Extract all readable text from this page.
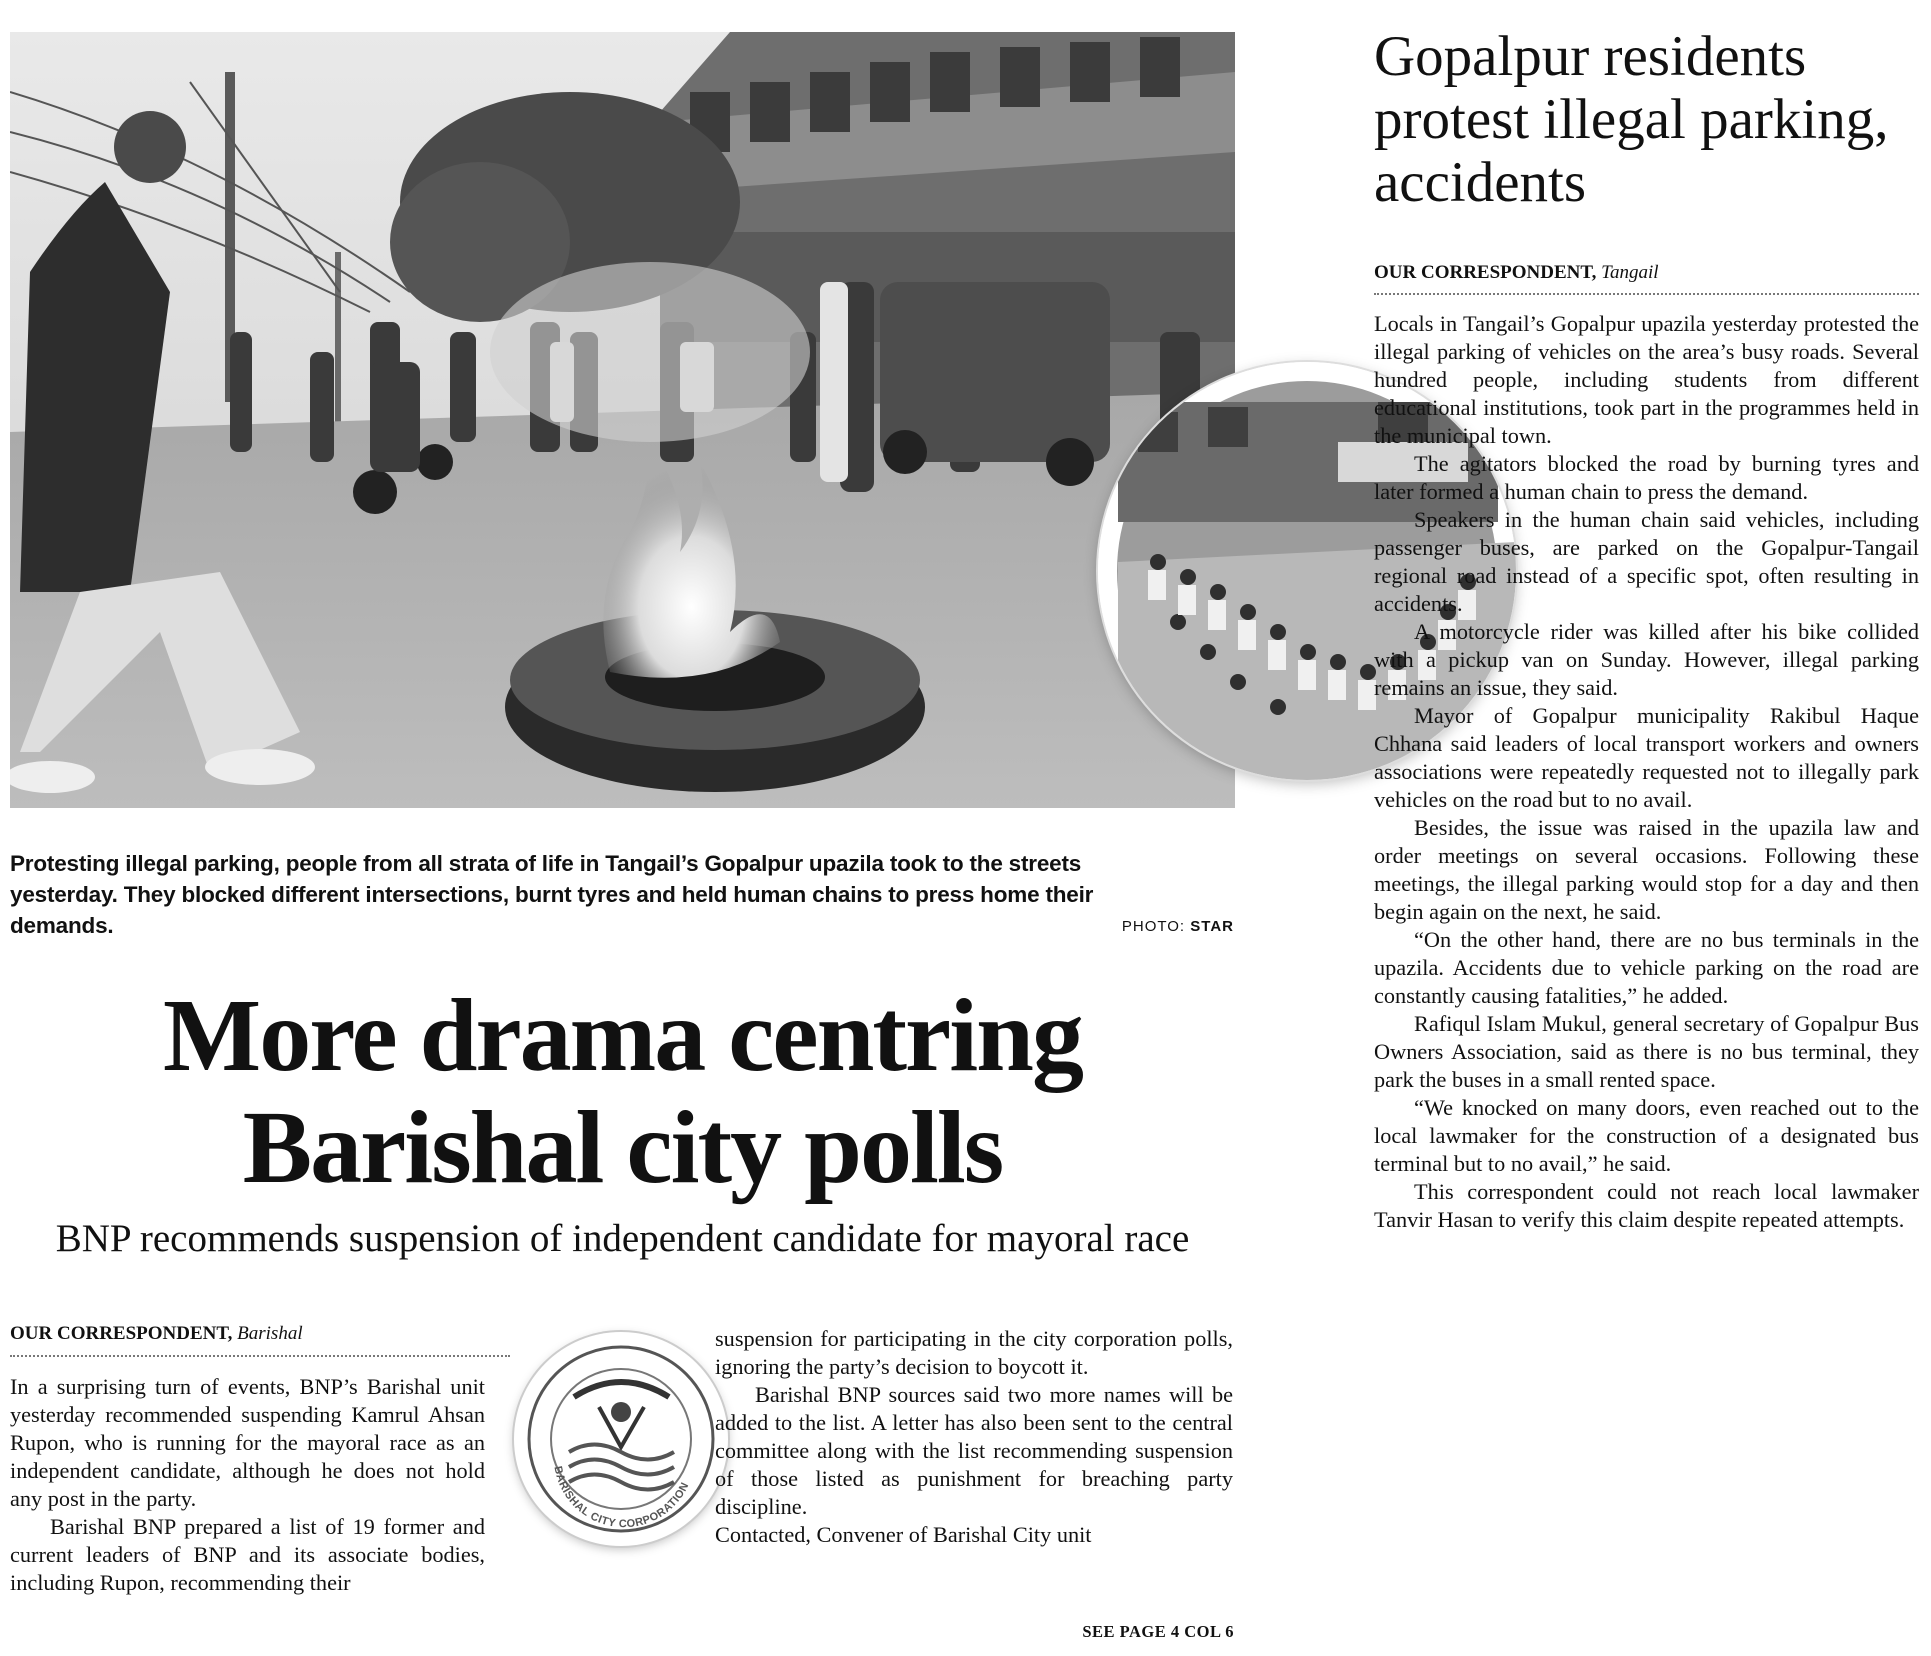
Protesting illegal parking, people from all strata of life in Tangail’s Gopalpur upazila took to the streets yesterday. They blocked different intersections, burnt tyres and held human chains to press home their demands.	PHOTO: STAR
More drama centring Barishal city polls
BNP recommends suspension of independent candidate for mayoral race
OUR CORRESPONDENT, Barishal

In a surprising turn of events, BNP’s Barishal unit yesterday recommended suspending Kamrul Ahsan Rupon, who is running for the mayoral race as an independent candidate, although he does not hold any post in the party.

Barishal BNP prepared a list of 19 former and current leaders of BNP and its associate bodies, including Rupon, recommending their

BARISHAL CITY CORPORATION

suspension for participating in the city corporation polls, ignoring the party’s decision to boycott it.

Barishal BNP sources said two more names will be added to the list. A letter has also been sent to the central committee along with the list recommending suspension of those listed as punishment for breaching party discipline.

Contacted, Convener of Barishal City unit

SEE PAGE 4 COL 6
Gopalpur residents protest illegal parking, accidents
OUR CORRESPONDENT, Tangail

Locals in Tangail’s Gopalpur upazila yesterday protested the illegal parking of vehicles on the area’s busy roads. Several hundred people, including students from different educational institutions, took part in the programmes held in the municipal town.

The agitators blocked the road by burning tyres and later formed a human chain to press the demand.

Speakers in the human chain said vehicles, including passenger buses, are parked on the Gopalpur-Tangail regional road instead of a specific spot, often resulting in accidents.

A motorcycle rider was killed after his bike collided with a pickup van on Sunday. However, illegal parking remains an issue, they said.

Mayor of Gopalpur municipality Rakibul Haque Chhana said leaders of local transport workers and owners associations were repeatedly requested not to illegally park vehicles on the road but to no avail.

Besides, the issue was raised in the upazila law and order meetings on several occasions. Following these meetings, the illegal parking would stop for a day and then begin again on the next, he said.

“On the other hand, there are no bus terminals in the upazila. Accidents due to vehicle parking on the road are constantly causing fatalities,” he added.

Rafiqul Islam Mukul, general secretary of Gopalpur Bus Owners Association, said as there is no bus terminal, they park the buses in a small rented space.

“We knocked on many doors, even reached out to the local lawmaker for the construction of a designated bus terminal but to no avail,” he said.

This correspondent could not reach local lawmaker Tanvir Hasan to verify this claim despite repeated attempts.
